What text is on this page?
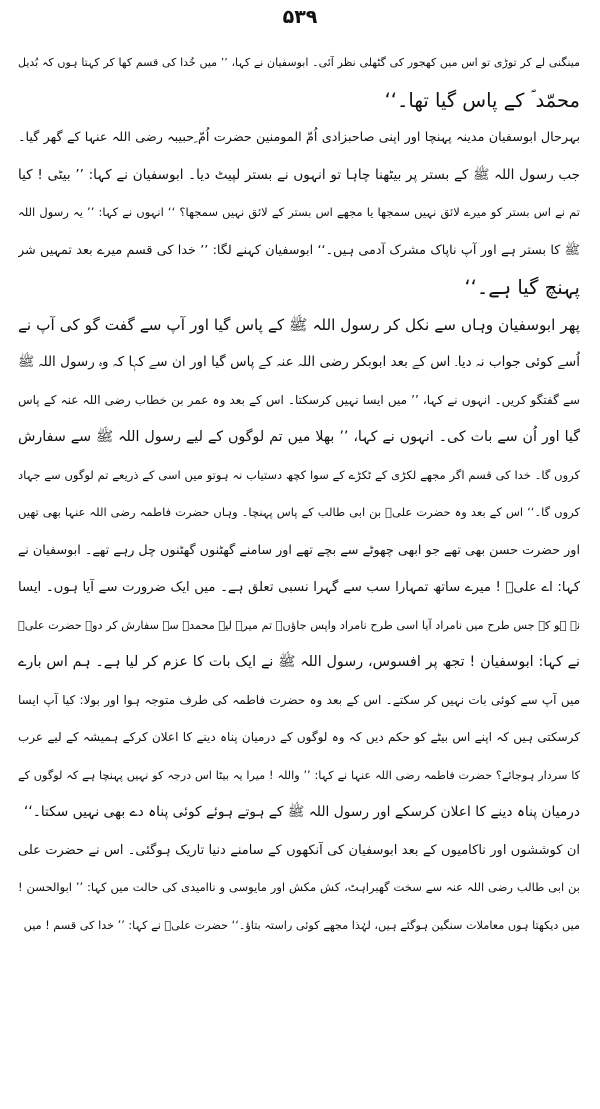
۵۳۹
مینگنی لے کر توڑی تو اس میں کھجور کی گٹھلی نظر آئی۔ ابوسفیان نے کہا، ’’ میں خُدا کی قسم کھا کر کہتا ہوں کہ بُدیل
محمّد ؐ کے پاس گیا تھا۔‘‘
بہرحال ابوسفیان مدینہ پہنچا اور اپنی صاحبزادی اُمّ المومنین حضرت اُمّ ِحبیبہ رضی اللہ عنہا کے گھر گیا۔
جب رسول اللہ ﷺ کے بستر پر بیٹھنا چاہا تو انہوں نے بستر لپیٹ دیا۔ ابوسفیان نے کہا: ’’ بیٹی ! کیا
تم نے اس بستر کو میرے لائق نہیں سمجھا یا مجھے اس بستر کے لائق نہیں سمجھا؟ ‘‘ انہوں نے کہا: ’’ یہ رسول اللہ
ﷺ کا بستر ہے اور آپ ناپاک مشرک آدمی ہیں۔‘‘ ابوسفیان کہنے لگا: ’’ خدا کی قسم میرے بعد تمہیں شر
پہنچ گیا ہے۔‘‘
پھر ابوسفیان وہاں سے نکل کر رسول اللہ ﷺ کے پاس گیا اور آپ سے گفت گو کی آپ نے
اُسے کوئی جواب نہ دیا۔ اس کے بعد ابوبکر رضی اللہ عنہ کے پاس گیا اور ان سے کہا کہ وہ رسول اللہ ﷺ
سے گفتگو کریں۔ انہوں نے کہا، ’’ میں ایسا نہیں کرسکتا۔ اس کے بعد وہ عمر بن خطاب رضی اللہ عنہ کے پاس
گیا اور اُن سے بات کی۔ انہوں نے کہا، ’’ بھلا میں تم لوگوں کے لیے رسول اللہ ﷺ سے سفارش
کروں گا۔ خدا کی قسم اگر مجھے لکڑی کے ٹکڑے کے سوا کچھ دستیاب نہ ہوتو میں اسی کے ذریعے تم لوگوں سے جہاد
کروں گا۔‘‘ اس کے بعد وہ حضرت علیؓ بن ابی طالب کے پاس پہنچا۔ وہاں حضرت فاطمہ رضی اللہ عنہا بھی تھیں
اور حضرت حسن بھی تھے جو ابھی چھوٹے سے بچے تھے اور سامنے گھٹنوں گھٹنوں چل رہے تھے۔ ابوسفیان نے
کہا: اے علیؓ ! میرے ساتھ تمہارا سب سے گہرا نسبی تعلق ہے۔ میں ایک ضرورت سے آیا ہوں۔ ایسا
نہ ہو کہ جس طرح میں نامراد آیا اسی طرح نامراد واپس جاؤں۔ تم میرے لیے محمدؐ سے سفارش کر دو۔ حضرت علیؓ
نے کہا: ابوسفیان ! تجھ پر افسوس، رسول اللہ ﷺ نے ایک بات کا عزم کر لیا ہے۔ ہم اس بارے
میں آپ سے کوئی بات نہیں کر سکتے۔ اس کے بعد وہ حضرت فاطمہ کی طرف متوجہ ہوا اور بولا: کیا آپ ایسا
کرسکتی ہیں کہ اپنے اس بیٹے کو حکم دیں کہ وہ لوگوں کے درمیان پناہ دینے کا اعلان کرکے ہمیشہ کے لیے عرب
کا سردار ہوجائے؟ حضرت فاطمہ رضی اللہ عنہا نے کہا: ’’ واللہ ! میرا یہ بیٹا اس درجہ کو نہیں پہنچا ہے کہ لوگوں کے
درمیان پناہ دینے کا اعلان کرسکے اور رسول اللہ ﷺ کے ہوتے ہوئے کوئی پناہ دے بھی نہیں سکتا۔‘‘
ان کوششوں اور ناکامیوں کے بعد ابوسفیان کی آنکھوں کے سامنے دنیا تاریک ہوگئی۔ اس نے حضرت علی
بن ابی طالب رضی اللہ عنہ سے سخت گھبراہٹ، کش مکش اور مایوسی و ناامیدی کی حالت میں کہا: ’’ ابوالحسن !
میں دیکھتا ہوں معاملات سنگین ہوگئے ہیں، لہٰذا مجھے کوئی راستہ بتاؤ۔‘‘ حضرت علیؓ نے کہا: ’’ خدا کی قسم ! میں
